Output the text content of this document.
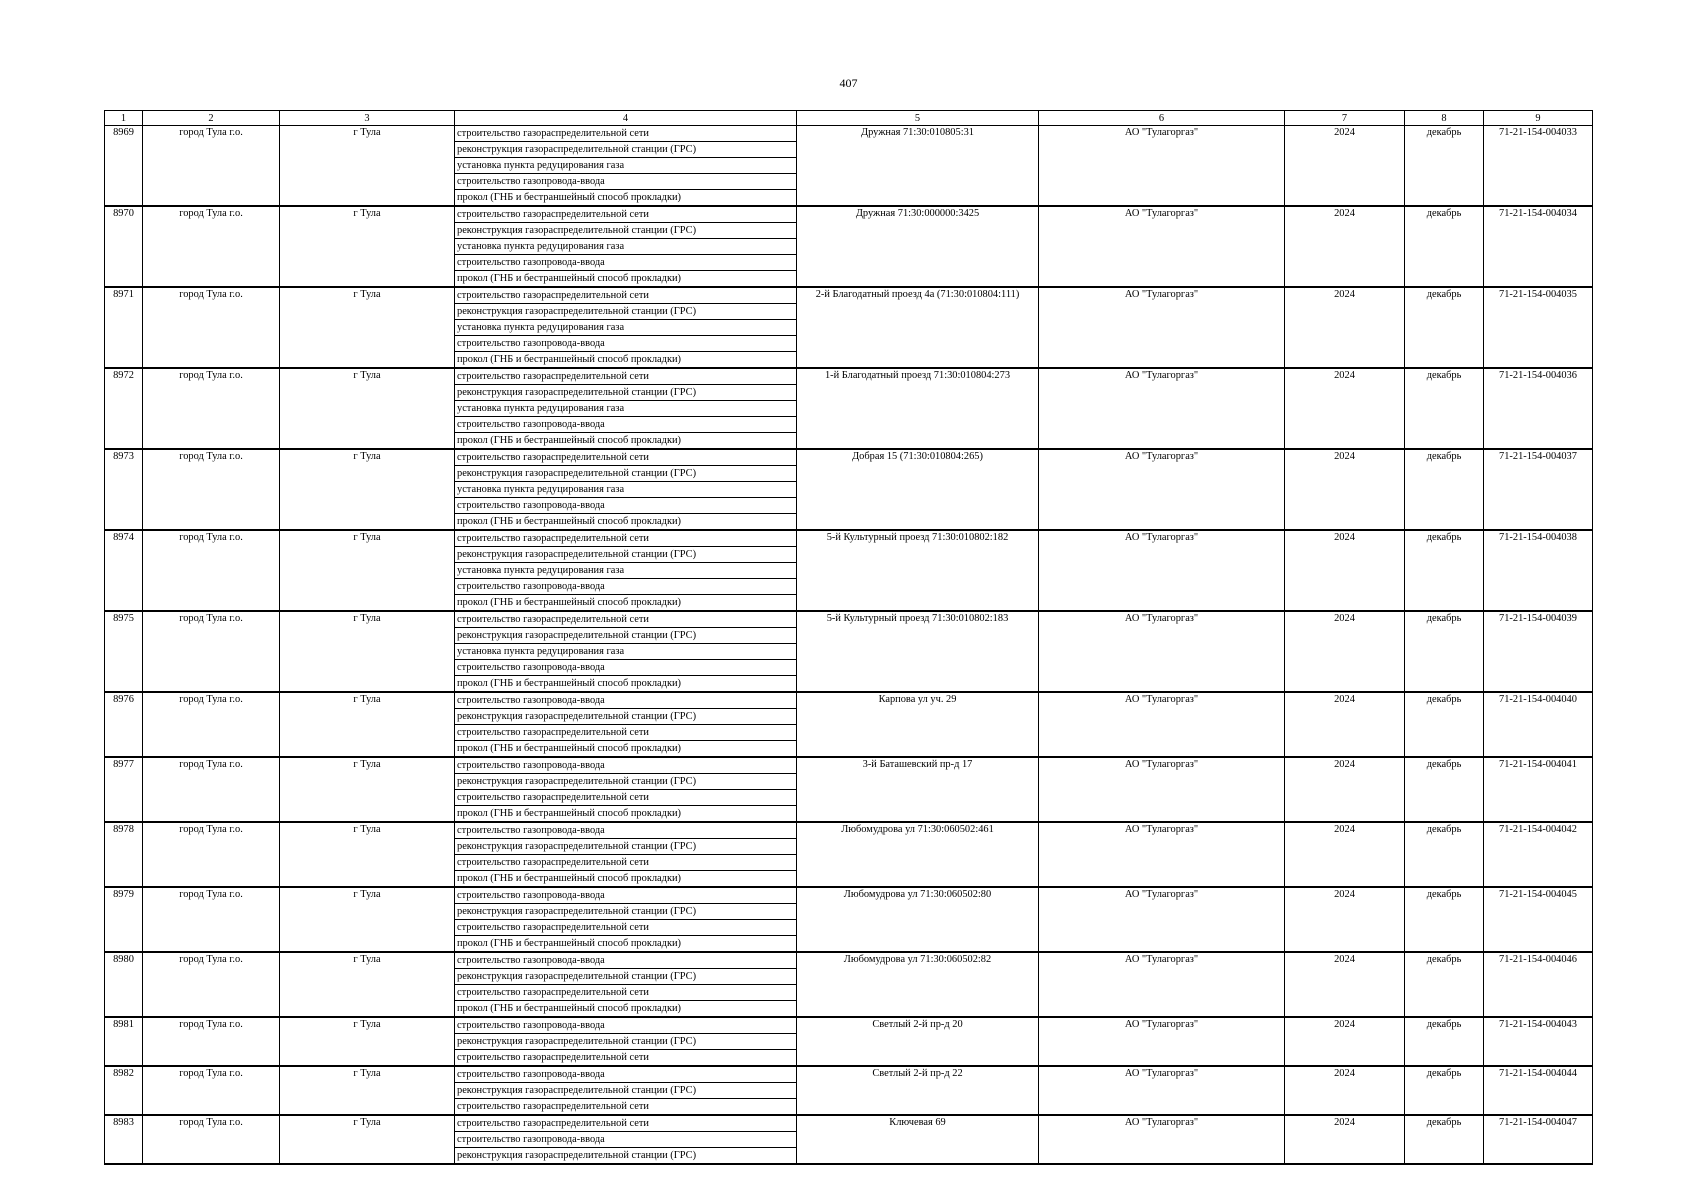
407
1	2	3	4	5	6	7	8	9

8969	город Тула г.о.	г Тула	строительство газораспределительной сети
реконструкция газораспределительной станции (ГРС)
установка пункта редуцирования газа
строительство газопровода-ввода
прокол (ГНБ и бестраншейный способ прокладки)	Дружная 71:30:010805:31	АО "Тулагоргаз"	2024	декабрь	71-21-154-004033

8970	город Тула г.о.	г Тула	строительство газораспределительной сети
реконструкция газораспределительной станции (ГРС)
установка пункта редуцирования газа
строительство газопровода-ввода
прокол (ГНБ и бестраншейный способ прокладки)	Дружная 71:30:000000:3425	АО "Тулагоргаз"	2024	декабрь	71-21-154-004034

8971	город Тула г.о.	г Тула	строительство газораспределительной сети
реконструкция газораспределительной станции (ГРС)
установка пункта редуцирования газа
строительство газопровода-ввода
прокол (ГНБ и бестраншейный способ прокладки)	2-й Благодатный проезд 4а (71:30:010804:111)	АО "Тулагоргаз"	2024	декабрь	71-21-154-004035

8972	город Тула г.о.	г Тула	строительство газораспределительной сети
реконструкция газораспределительной станции (ГРС)
установка пункта редуцирования газа
строительство газопровода-ввода
прокол (ГНБ и бестраншейный способ прокладки)	1-й Благодатный проезд 71:30:010804:273	АО "Тулагоргаз"	2024	декабрь	71-21-154-004036

8973	город Тула г.о.	г Тула	строительство газораспределительной сети
реконструкция газораспределительной станции (ГРС)
установка пункта редуцирования газа
строительство газопровода-ввода
прокол (ГНБ и бестраншейный способ прокладки)	Добрая 15 (71:30:010804:265)	АО "Тулагоргаз"	2024	декабрь	71-21-154-004037

8974	город Тула г.о.	г Тула	строительство газораспределительной сети
реконструкция газораспределительной станции (ГРС)
установка пункта редуцирования газа
строительство газопровода-ввода
прокол (ГНБ и бестраншейный способ прокладки)	5-й Культурный проезд 71:30:010802:182	АО "Тулагоргаз"	2024	декабрь	71-21-154-004038

8975	город Тула г.о.	г Тула	строительство газораспределительной сети
реконструкция газораспределительной станции (ГРС)
установка пункта редуцирования газа
строительство газопровода-ввода
прокол (ГНБ и бестраншейный способ прокладки)	5-й Культурный проезд 71:30:010802:183	АО "Тулагоргаз"	2024	декабрь	71-21-154-004039

8976	город Тула г.о.	г Тула	строительство газопровода-ввода
реконструкция газораспределительной станции (ГРС)
строительство газораспределительной сети
прокол (ГНБ и бестраншейный способ прокладки)	Карпова ул уч. 29	АО "Тулагоргаз"	2024	декабрь	71-21-154-004040

8977	город Тула г.о.	г Тула	строительство газопровода-ввода
реконструкция газораспределительной станции (ГРС)
строительство газораспределительной сети
прокол (ГНБ и бестраншейный способ прокладки)	3-й Баташевский пр-д 17	АО "Тулагоргаз"	2024	декабрь	71-21-154-004041

8978	город Тула г.о.	г Тула	строительство газопровода-ввода
реконструкция газораспределительной станции (ГРС)
строительство газораспределительной сети
прокол (ГНБ и бестраншейный способ прокладки)	Любомудрова ул 71:30:060502:461	АО "Тулагоргаз"	2024	декабрь	71-21-154-004042

8979	город Тула г.о.	г Тула	строительство газопровода-ввода
реконструкция газораспределительной станции (ГРС)
строительство газораспределительной сети
прокол (ГНБ и бестраншейный способ прокладки)	Любомудрова ул 71:30:060502:80	АО "Тулагоргаз"	2024	декабрь	71-21-154-004045

8980	город Тула г.о.	г Тула	строительство газопровода-ввода
реконструкция газораспределительной станции (ГРС)
строительство газораспределительной сети
прокол (ГНБ и бестраншейный способ прокладки)	Любомудрова ул 71:30:060502:82	АО "Тулагоргаз"	2024	декабрь	71-21-154-004046

8981	город Тула г.о.	г Тула	строительство газопровода-ввода
реконструкция газораспределительной станции (ГРС)
строительство газораспределительной сети	Светлый 2-й пр-д 20	АО "Тулагоргаз"	2024	декабрь	71-21-154-004043

8982	город Тула г.о.	г Тула	строительство газопровода-ввода
реконструкция газораспределительной станции (ГРС)
строительство газораспределительной сети	Светлый 2-й пр-д 22	АО "Тулагоргаз"	2024	декабрь	71-21-154-004044

8983	город Тула г.о.	г Тула	строительство газораспределительной сети
строительство газопровода-ввода
реконструкция газораспределительной станции (ГРС)	Ключевая 69	АО "Тулагоргаз"	2024	декабрь	71-21-154-004047
